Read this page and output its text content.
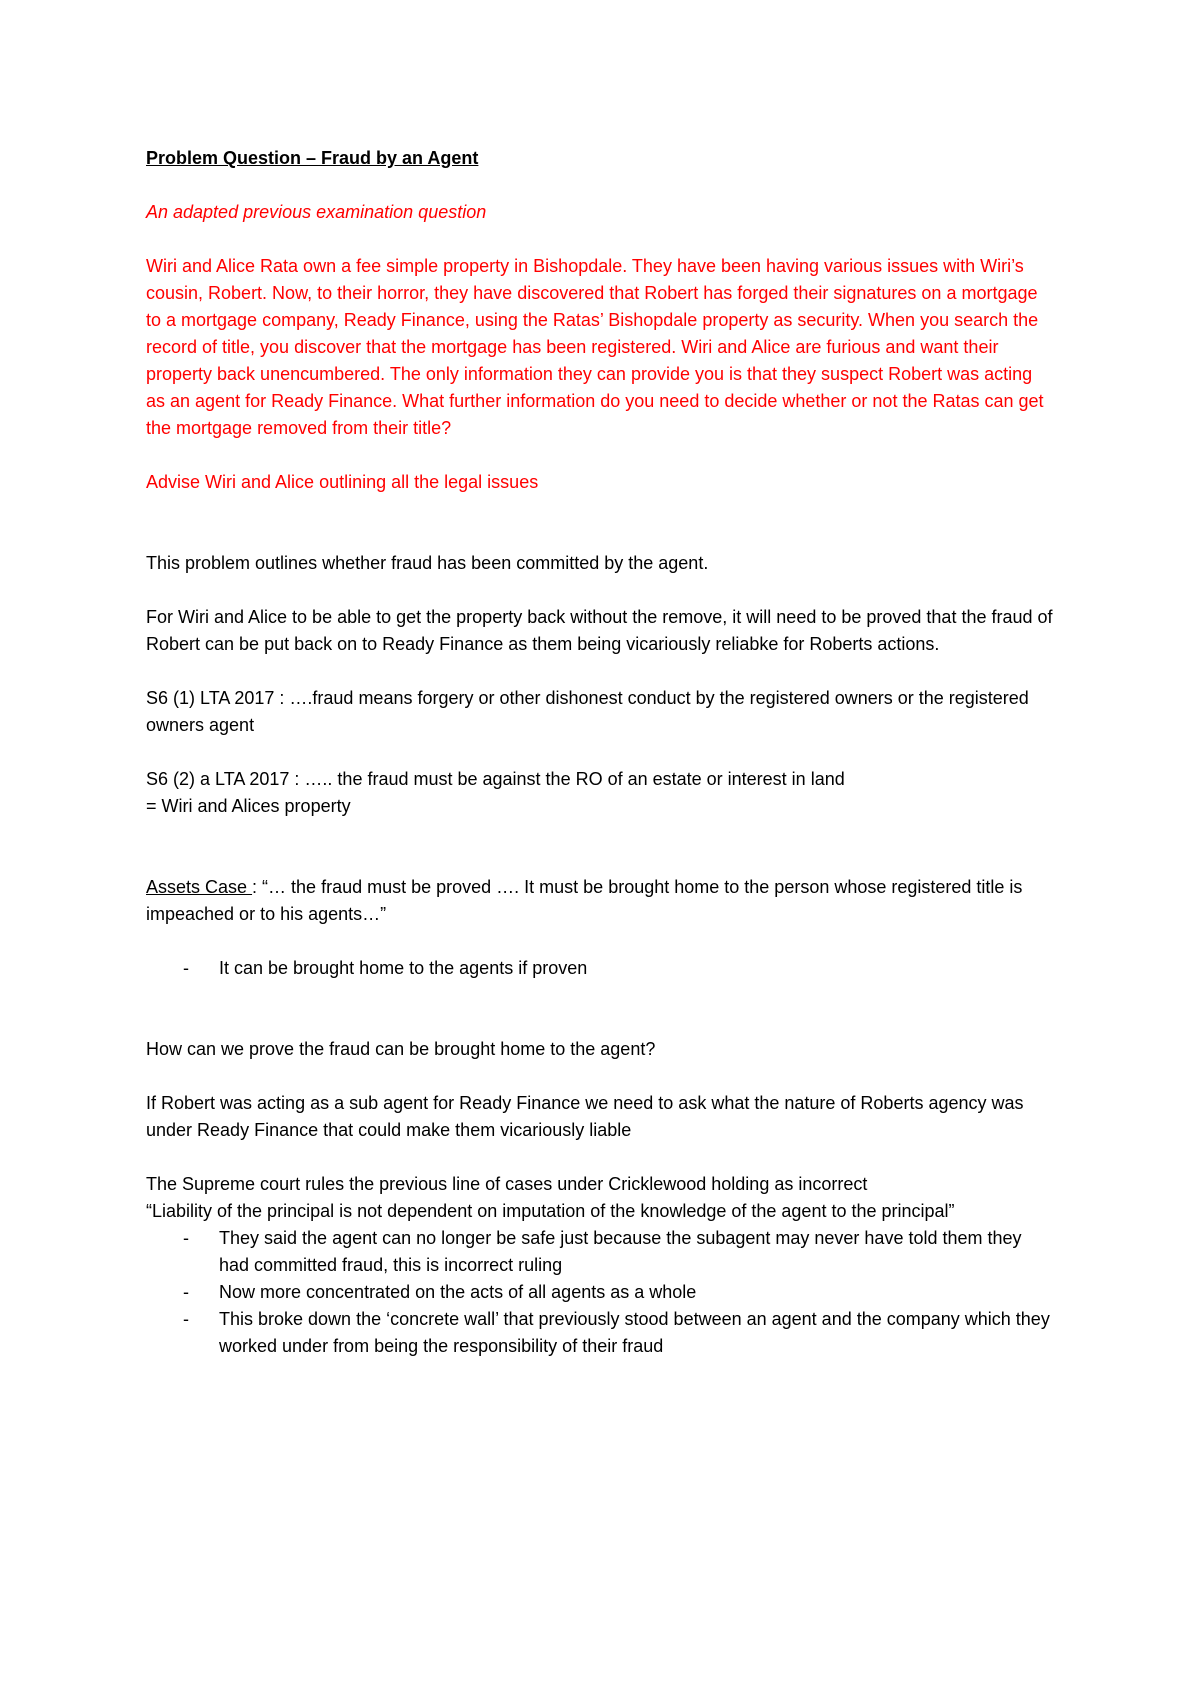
Problem Question – Fraud by an Agent

An adapted previous examination question

Wiri and Alice Rata own a fee simple property in Bishopdale. They have been having various issues with Wiri’s cousin, Robert. Now, to their horror, they have discovered that Robert has forged their signatures on a mortgage to a mortgage company, Ready Finance, using the Ratas’ Bishopdale property as security. When you search the record of title, you discover that the mortgage has been registered. Wiri and Alice are furious and want their property back unencumbered. The only information they can provide you is that they suspect Robert was acting as an agent for Ready Finance. What further information do you need to decide whether or not the Ratas can get the mortgage removed from their title?

Advise Wiri and Alice outlining all the legal issues

This problem outlines whether fraud has been committed by the agent.

For Wiri and Alice to be able to get the property back without the remove, it will need to be proved that the fraud of Robert can be put back on to Ready Finance as them being vicariously reliabke for Roberts actions.

S6 (1) LTA 2017 : ….fraud means forgery or other dishonest conduct by the registered owners or the registered owners agent

S6 (2) a LTA 2017 : ….. the fraud must be against the RO of an estate or interest in land

= Wiri and Alices property

Assets Case : “… the fraud must be proved …. It must be brought home to the person whose registered title is impeached or to his agents…”

- It can be brought home to the agents if proven

How can we prove the fraud can be brought home to the agent?

If Robert was acting as a sub agent for Ready Finance we need to ask what the nature of Roberts agency was under Ready Finance that could make them vicariously liable

The Supreme court rules the previous line of cases under Cricklewood holding as incorrect

“Liability of the principal is not dependent on imputation of the knowledge of the agent to the principal”

- They said the agent can no longer be safe just because the subagent may never have told them they had committed fraud, this is incorrect ruling
- Now more concentrated on the acts of all agents as a whole
- This broke down the ‘concrete wall’ that previously stood between an agent and the company which they worked under from being the responsibility of their fraud
